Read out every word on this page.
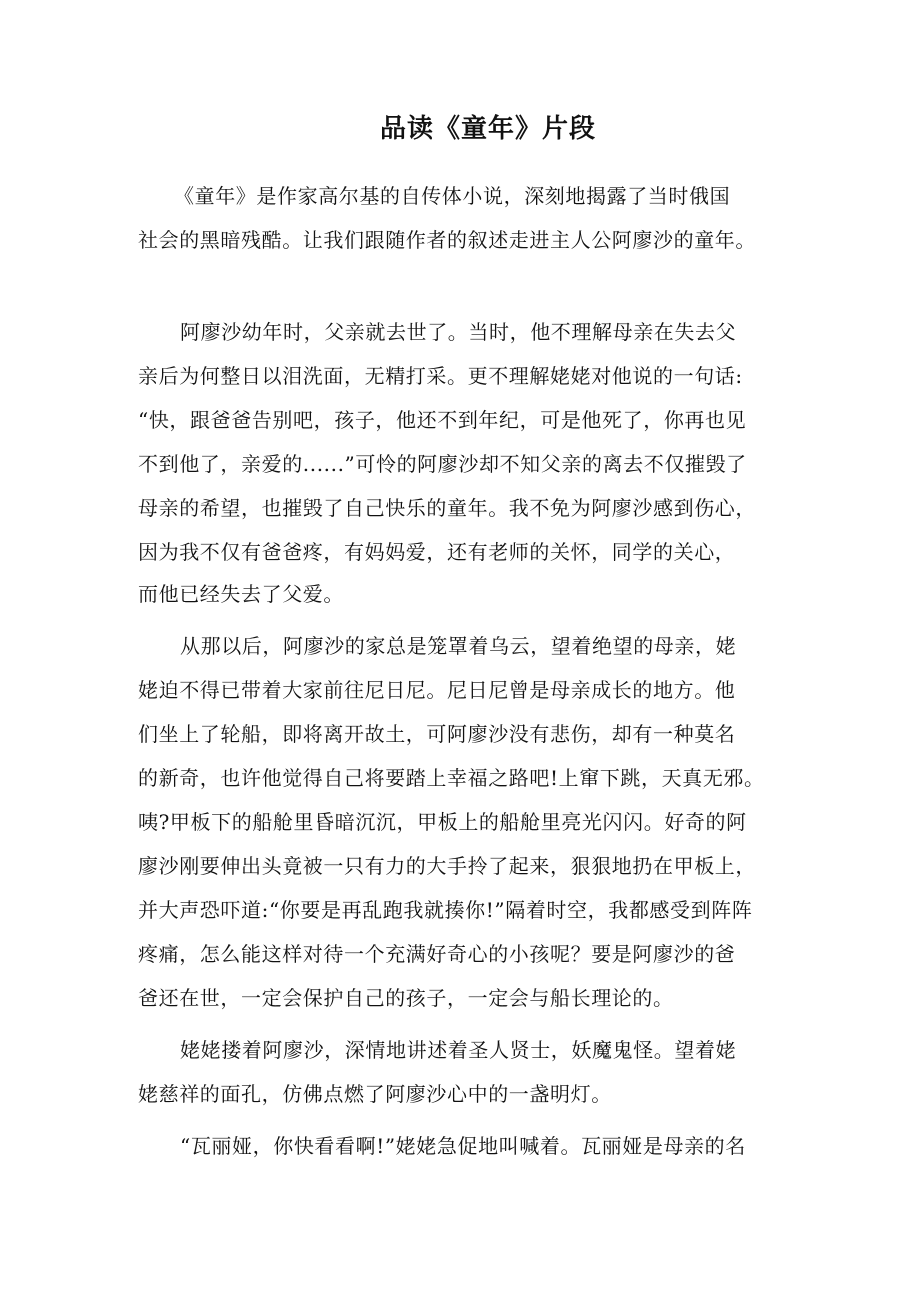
品读《童年》片段
《童年》是作家高尔基的自传体小说，深刻地揭露了当时俄国
社会的黑暗残酷。让我们跟随作者的叙述走进主人公阿廖沙的童年。
阿廖沙幼年时，父亲就去世了。当时，他不理解母亲在失去父
亲后为何整日以泪洗面，无精打采。更不理解姥姥对他说的一句话:
“快，跟爸爸告别吧，孩子，他还不到年纪，可是他死了，你再也见
不到他了，亲爱的......”可怜的阿廖沙却不知父亲的离去不仅摧毁了
母亲的希望，也摧毁了自己快乐的童年。我不免为阿廖沙感到伤心，
因为我不仅有爸爸疼，有妈妈爱，还有老师的关怀，同学的关心，
而他已经失去了父爱。
从那以后，阿廖沙的家总是笼罩着乌云，望着绝望的母亲，姥
姥迫不得已带着大家前往尼日尼。尼日尼曾是母亲成长的地方。他
们坐上了轮船，即将离开故土，可阿廖沙没有悲伤，却有一种莫名
的新奇，也许他觉得自己将要踏上幸福之路吧!上窜下跳，天真无邪。
咦?甲板下的船舱里昏暗沉沉，甲板上的船舱里亮光闪闪。好奇的阿
廖沙刚要伸出头竟被一只有力的大手拎了起来，狠狠地扔在甲板上，
并大声恐吓道:“你要是再乱跑我就揍你!”隔着时空，我都感受到阵阵
疼痛，怎么能这样对待一个充满好奇心的小孩呢？要是阿廖沙的爸
爸还在世，一定会保护自己的孩子，一定会与船长理论的。
姥姥搂着阿廖沙，深情地讲述着圣人贤士，妖魔鬼怪。望着姥
姥慈祥的面孔，仿佛点燃了阿廖沙心中的一盏明灯。
“瓦丽娅，你快看看啊!”姥姥急促地叫喊着。瓦丽娅是母亲的名
